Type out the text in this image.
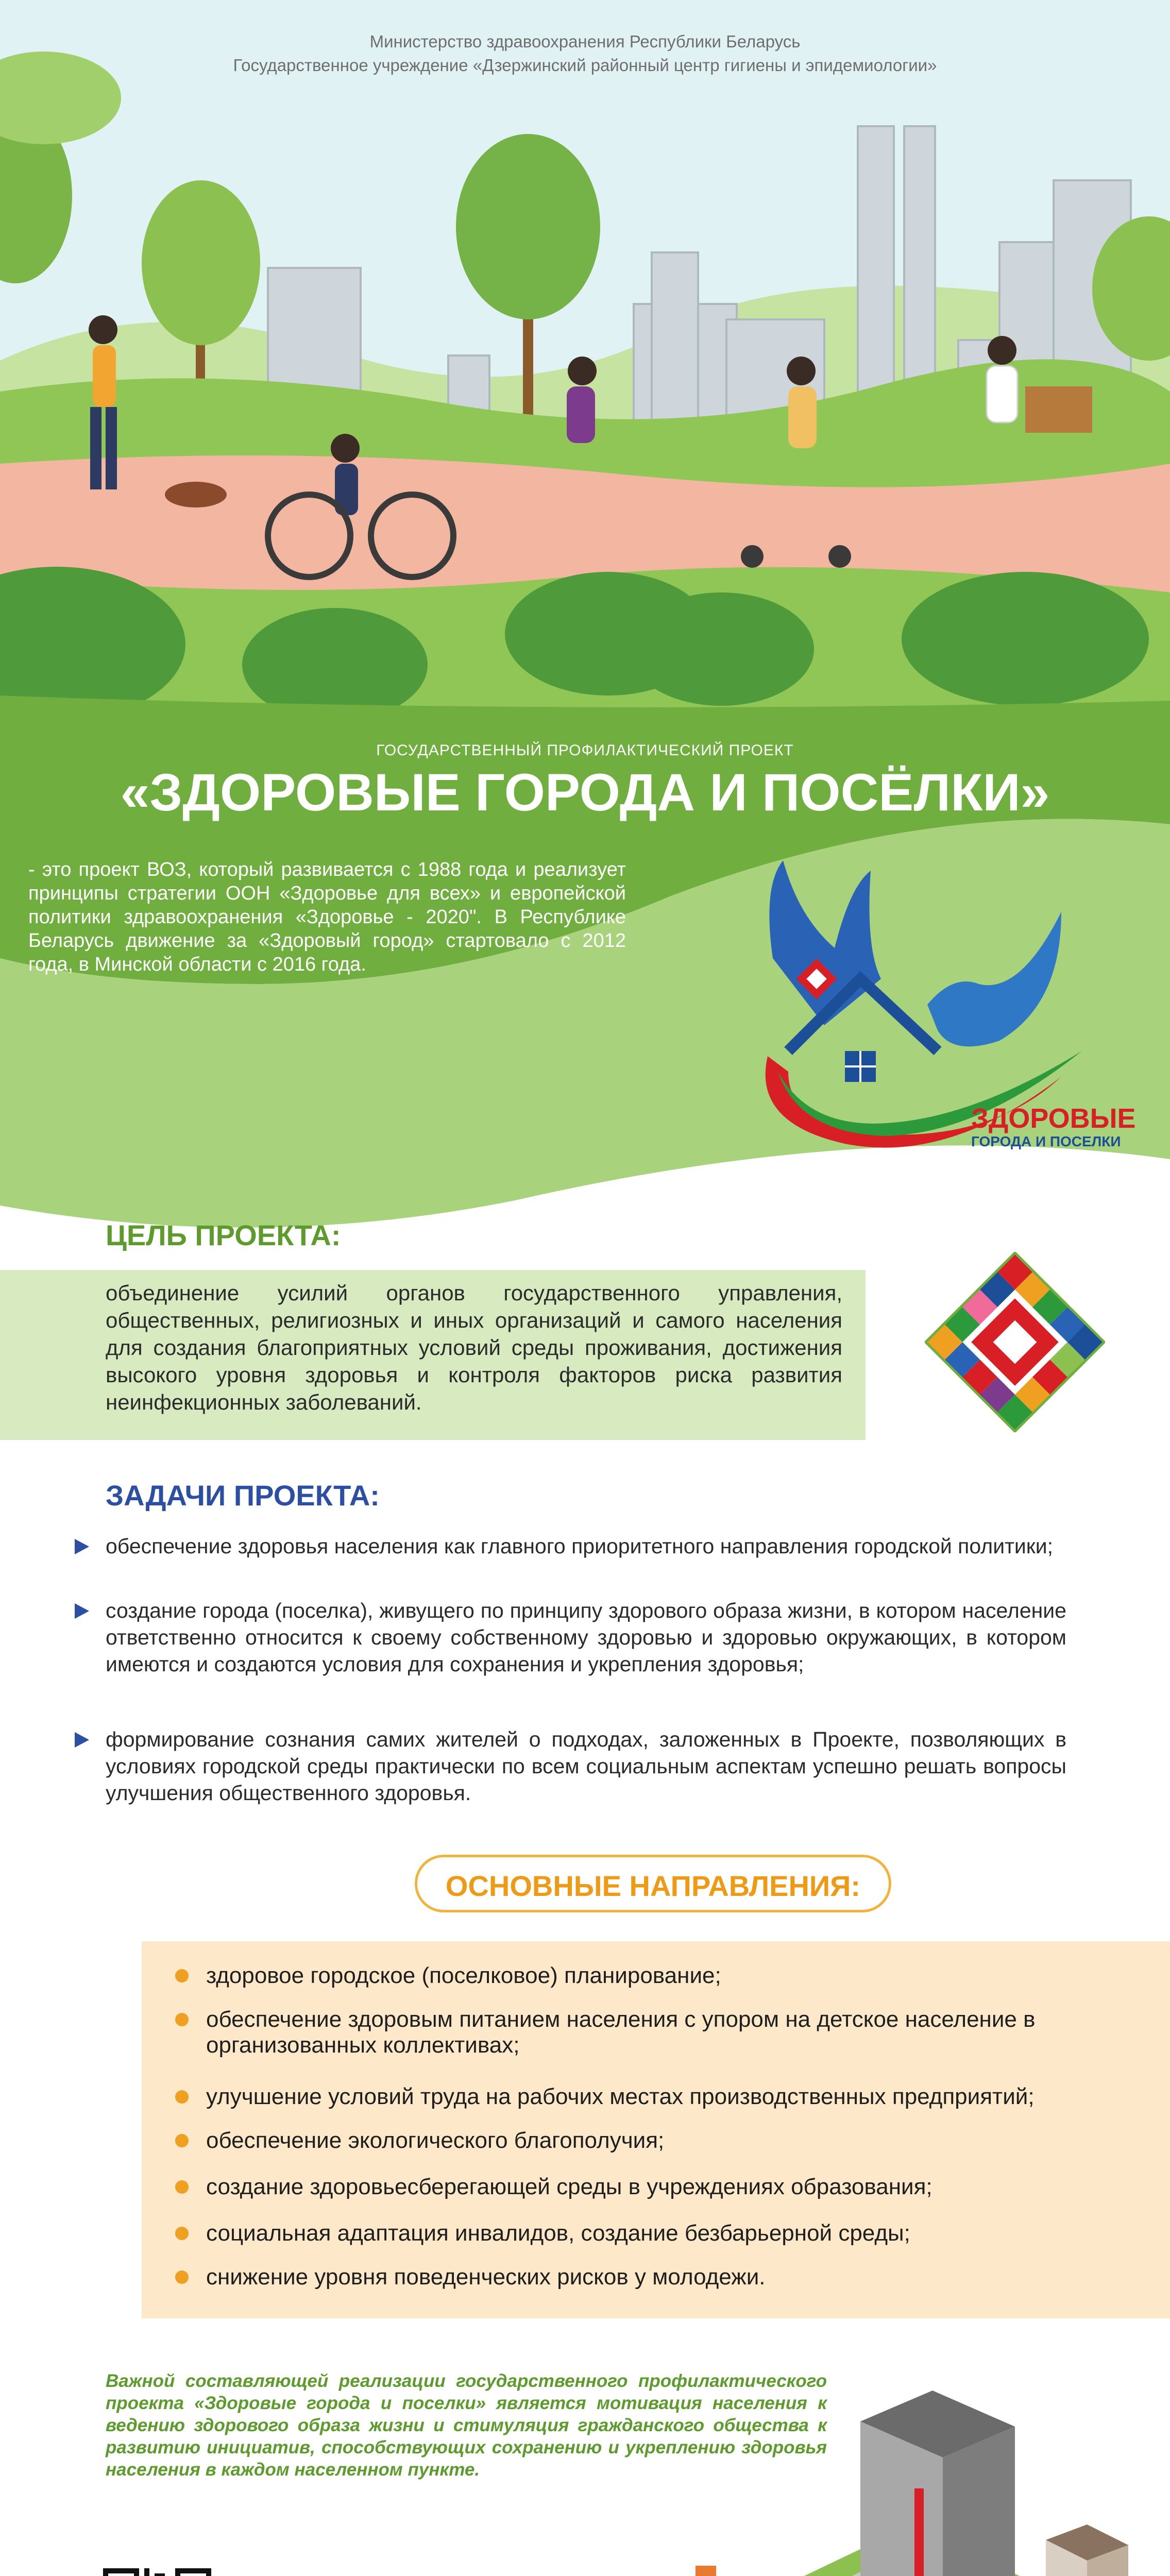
Министерство здравоохранения Республики Беларусь
Государственное учреждение «Дзержинский районный центр гигиены и эпидемиологии»
ГОСУДАРСТВЕННЫЙ ПРОФИЛАКТИЧЕСКИЙ ПРОЕКТ
«ЗДОРОВЫЕ ГОРОДА И ПОСЁЛКИ»
- это проект ВОЗ, который развивается с 1988 года и реализует принципы стратегии ООН «Здоровье для всех» и европейской политики здравоохранения «Здоровье - 2020". В Республике Беларусь движение за «Здоровый город» стартовало с 2012 года, в Минской области с 2016 года.
ЗДОРОВЫЕ
ГОРОДА И ПОСЕЛКИ
ЦЕЛЬ ПРОЕКТА:
объединение усилий органов государственного управления, общественных, религиозных и иных организаций и самого населения для создания благоприятных условий среды проживания, достижения высокого уровня здоровья и контроля факторов риска развития неинфекционных заболеваний.
ЗАДАЧИ ПРОЕКТА:
обеспечение здоровья населения как главного приоритетного направления городской политики;
создание города (поселка), живущего по принципу здорового образа жизни, в котором население ответственно относится к своему собственному здоровью и здоровью окружающих, в котором имеются и создаются условия для сохранения и укрепления здоровья;
формирование сознания самих жителей о подходах, заложенных в Проекте, позволяющих в условиях городской среды практически по всем социальным аспектам успешно решать вопросы улучшения общественного здоровья.
ОСНОВНЫЕ НАПРАВЛЕНИЯ:
здоровое городское (поселковое) планирование;
обеспечение здоровым питанием населения с упором на детское население в организованных коллективах;
улучшение условий труда на рабочих местах производственных предприятий;
обеспечение экологического благополучия;
создание здоровьесберегающей среды в учреждениях образования;
социальная адаптация инвалидов, создание безбарьерной среды;
снижение уровня поведенческих рисков у молодежи.
Важной составляющей реализации государственного профилактического проекта «Здоровые города и поселки» является мотивация населения к ведению здорового образа жизни и стимуляция гражданского общества к развитию инициатив, способствующих сохранению и укреплению здоровья населения в каждом населенном пункте.
